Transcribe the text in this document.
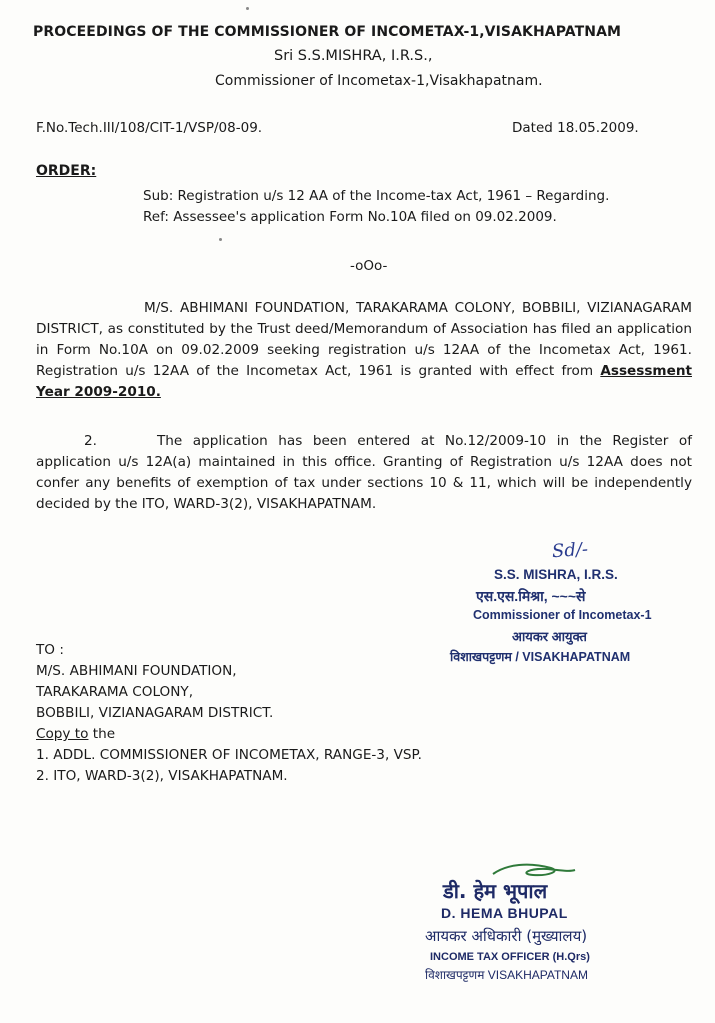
PROCEEDINGS OF THE COMMISSIONER OF INCOMETAX-1,VISAKHAPATNAM
Sri S.S.MISHRA, I.R.S.,
Commissioner of Incometax-1,Visakhapatnam.
F.No.Tech.III/108/CIT-1/VSP/08-09.	Dated 18.05.2009.
ORDER:
Sub: Registration u/s 12 AA of the Income-tax Act, 1961 – Regarding.
Ref: Assessee's application Form No.10A filed on 09.02.2009.
-oOo-
M/S. ABHIMANI FOUNDATION, TARAKARAMA COLONY, BOBBILI, VIZIANAGARAM DISTRICT, as constituted by the Trust deed/Memorandum of Association has filed an application in Form No.10A on 09.02.2009 seeking registration u/s 12AA of the Incometax Act, 1961. Registration u/s 12AA of the Incometax Act, 1961 is granted with effect from Assessment Year 2009-2010.
2.	The application has been entered at No.12/2009-10 in the Register of application u/s 12A(a) maintained in this office. Granting of Registration u/s 12AA does not confer any benefits of exemption of tax under sections 10 & 11, which will be independently decided by the ITO, WARD-3(2), VISAKHAPATNAM.
Sd/-
S.S. MISHRA, I.R.S.
एस.एस.मिश्रा, ~~~से
Commissioner of Incometax-1
आयकर आयुक्त
विशाखपट्टणम / VISAKHAPATNAM
TO :
M/S. ABHIMANI FOUNDATION,
TARAKARAMA COLONY,
BOBBILI, VIZIANAGARAM DISTRICT.
Copy to the
1. ADDL. COMMISSIONER OF INCOMETAX, RANGE-3, VSP.
2. ITO, WARD-3(2), VISAKHAPATNAM.
डी. हेम भूपाल
D. HEMA BHUPAL
आयकर अधिकारी (मुख्यालय)
INCOME TAX OFFICER (H.Qrs)
विशाखपट्टणम VISAKHAPATNAM
